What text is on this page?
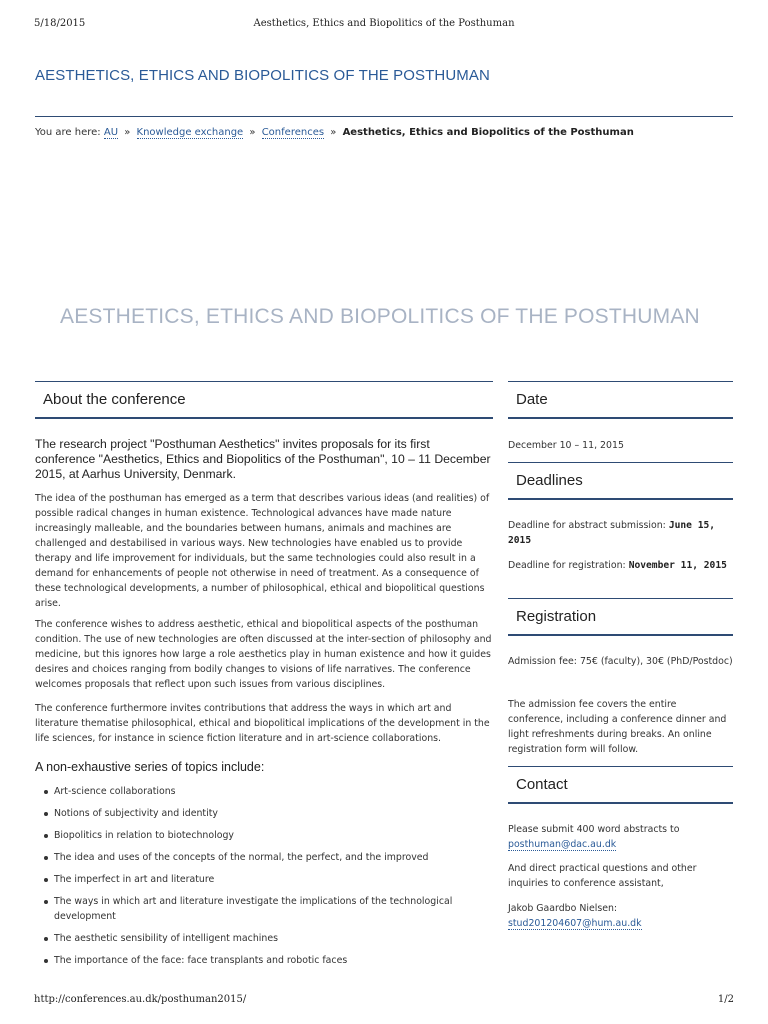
5/18/2015	Aesthetics, Ethics and Biopolitics of the Posthuman
AESTHETICS, ETHICS AND BIOPOLITICS OF THE POSTHUMAN
You are here: AU » Knowledge exchange » Conferences » Aesthetics, Ethics and Biopolitics of the Posthuman
AESTHETICS, ETHICS AND BIOPOLITICS OF THE POSTHUMAN
About the conference
The research project "Posthuman Aesthetics" invites proposals for its first conference "Aesthetics, Ethics and Biopolitics of the Posthuman", 10 – 11 December 2015, at Aarhus University, Denmark.
The idea of the posthuman has emerged as a term that describes various ideas (and realities) of possible radical changes in human existence. Technological advances have made nature increasingly malleable, and the boundaries between humans, animals and machines are challenged and destabilised in various ways. New technologies have enabled us to provide therapy and life improvement for individuals, but the same technologies could also result in a demand for enhancements of people not otherwise in need of treatment. As a consequence of these technological developments, a number of philosophical, ethical and biopolitical questions arise.
The conference wishes to address aesthetic, ethical and biopolitical aspects of the posthuman condition. The use of new technologies are often discussed at the inter-section of philosophy and medicine, but this ignores how large a role aesthetics play in human existence and how it guides desires and choices ranging from bodily changes to visions of life narratives. The conference welcomes proposals that reflect upon such issues from various disciplines.
The conference furthermore invites contributions that address the ways in which art and literature thematise philosophical, ethical and biopolitical implications of the development in the life sciences, for instance in science fiction literature and in art-science collaborations.
A non-exhaustive series of topics include:
Art-science collaborations
Notions of subjectivity and identity
Biopolitics in relation to biotechnology
The idea and uses of the concepts of the normal, the perfect, and the improved
The imperfect in art and literature
The ways in which art and literature investigate the implications of the technological development
The aesthetic sensibility of intelligent machines
The importance of the face: face transplants and robotic faces
Date
December 10 – 11, 2015
Deadlines
Deadline for abstract submission: June 15, 2015
Deadline for registration: November 11, 2015
Registration
Admission fee: 75€ (faculty), 30€ (PhD/Postdoc)
The admission fee covers the entire conference, including a conference dinner and light refreshments during breaks. An online registration form will follow.
Contact
Please submit 400 word abstracts to posthuman@dac.au.dk
And direct practical questions and other inquiries to conference assistant,
Jakob Gaardbo Nielsen:
stud201204607@hum.au.dk
http://conferences.au.dk/posthuman2015/	1/2
